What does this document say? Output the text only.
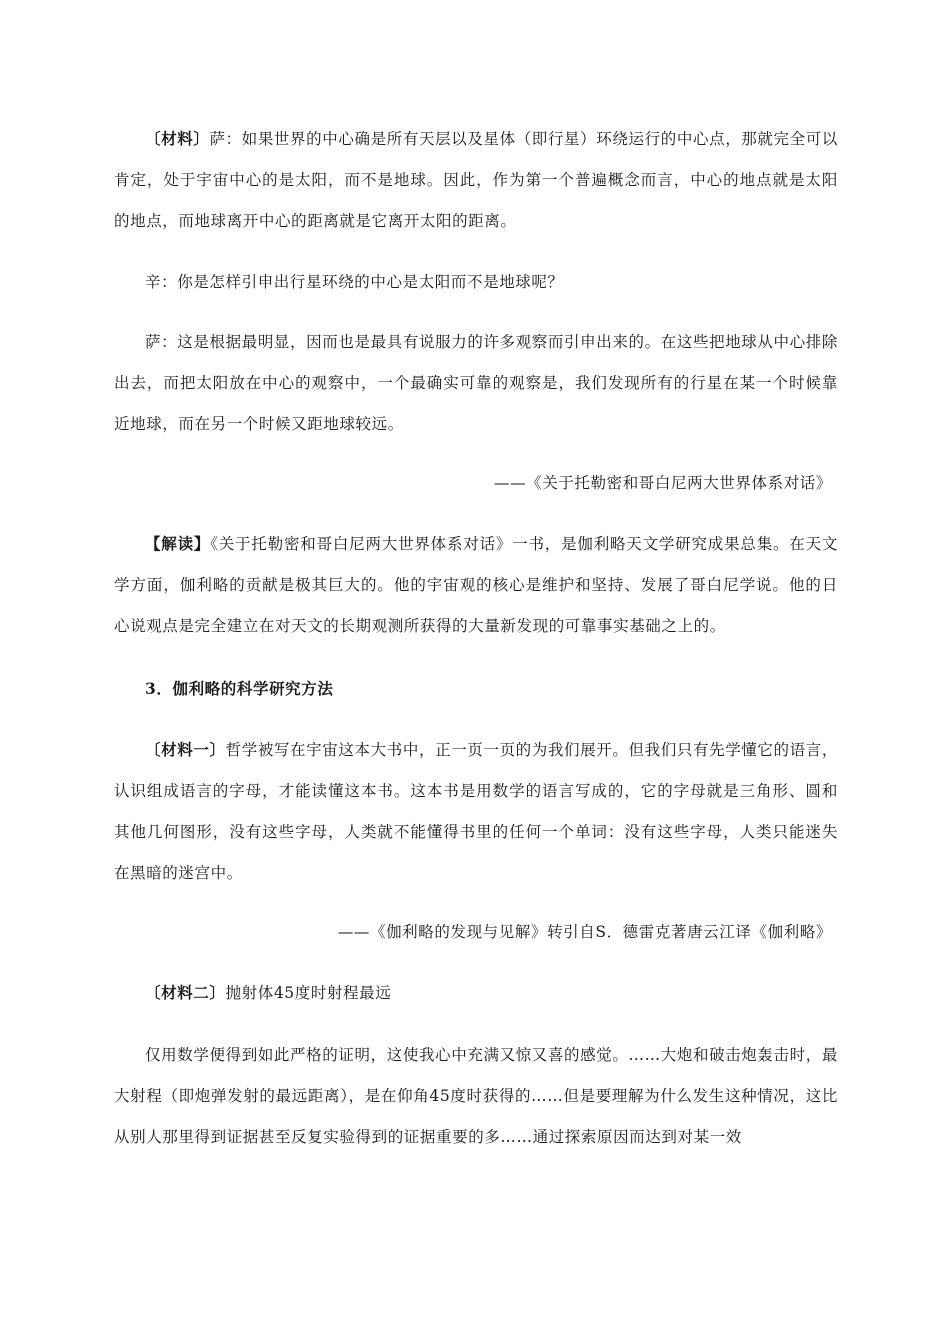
〔材料〕萨：如果世界的中心确是所有天层以及星体（即行星）环绕运行的中心点，那就完全可以肯定，处于宇宙中心的是太阳，而不是地球。因此，作为第一个普遍概念而言，中心的地点就是太阳的地点，而地球离开中心的距离就是它离开太阳的距离。

辛：你是怎样引申出行星环绕的中心是太阳而不是地球呢？

萨：这是根据最明显，因而也是最具有说服力的许多观察而引申出来的。在这些把地球从中心排除出去，而把太阳放在中心的观察中，一个最确实可靠的观察是，我们发现所有的行星在某一个时候靠近地球，而在另一个时候又距地球较远。

——《关于托勒密和哥白尼两大世界体系对话》

【解读】《关于托勒密和哥白尼两大世界体系对话》一书，是伽利略天文学研究成果总集。在天文学方面，伽利略的贡献是极其巨大的。他的宇宙观的核心是维护和坚持、发展了哥白尼学说。他的日心说观点是完全建立在对天文的长期观测所获得的大量新发现的可靠事实基础之上的。

3．伽利略的科学研究方法

〔材料一〕哲学被写在宇宙这本大书中，正一页一页的为我们展开。但我们只有先学懂它的语言，认识组成语言的字母，才能读懂这本书。这本书是用数学的语言写成的，它的字母就是三角形、圆和其他几何图形，没有这些字母，人类就不能懂得书里的任何一个单词：没有这些字母，人类只能迷失在黑暗的迷宫中。

——《伽利略的发现与见解》转引自S．德雷克著唐云江译《伽利略》

〔材料二〕抛射体45度时射程最远

仅用数学便得到如此严格的证明，这使我心中充满又惊又喜的感觉。……大炮和破击炮轰击时，最大射程（即炮弹发射的最远距离），是在仰角45度时获得的……但是要理解为什么发生这种情况，这比从别人那里得到证据甚至反复实验得到的证据重要的多……通过探索原因而达到对某一效
